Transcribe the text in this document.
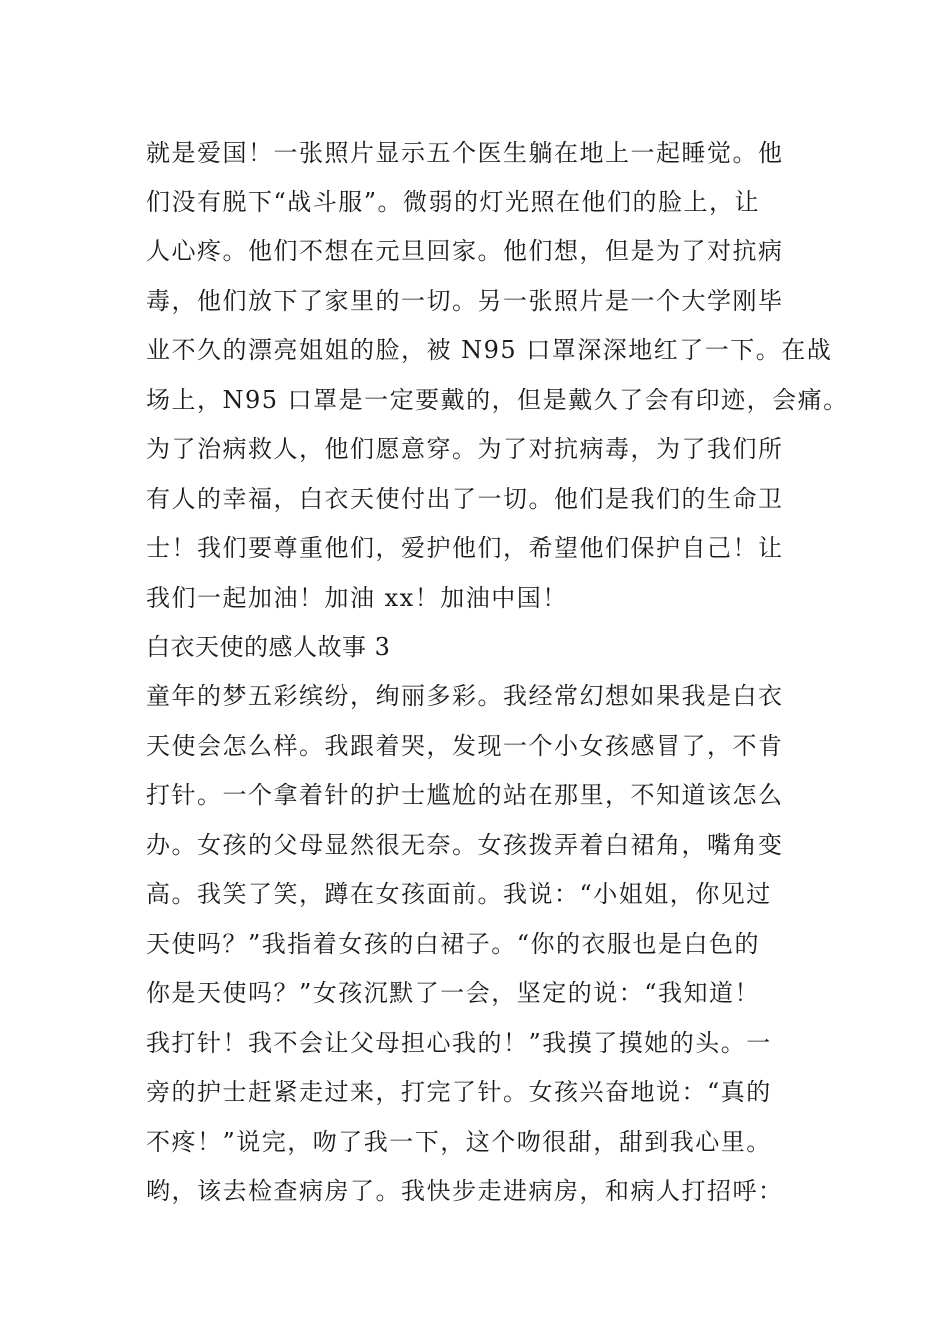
就是爱国！一张照片显示五个医生躺在地上一起睡觉。他
们没有脱下“战斗服”。微弱的灯光照在他们的脸上，让
人心疼。他们不想在元旦回家。他们想，但是为了对抗病
毒，他们放下了家里的一切。另一张照片是一个大学刚毕
业不久的漂亮姐姐的脸，被 N95 口罩深深地红了一下。在战
场上，N95 口罩是一定要戴的，但是戴久了会有印迹，会痛。
为了治病救人，他们愿意穿。为了对抗病毒，为了我们所
有人的幸福，白衣天使付出了一切。他们是我们的生命卫
士！我们要尊重他们，爱护他们，希望他们保护自己！让
我们一起加油！加油 xx！加油中国！
白衣天使的感人故事 3
童年的梦五彩缤纷，绚丽多彩。我经常幻想如果我是白衣
天使会怎么样。我跟着哭，发现一个小女孩感冒了，不肯
打针。一个拿着针的护士尴尬的站在那里，不知道该怎么
办。女孩的父母显然很无奈。女孩拨弄着白裙角，嘴角变
高。我笑了笑，蹲在女孩面前。我说：“小姐姐，你见过
天使吗？”我指着女孩的白裙子。“你的衣服也是白色的
你是天使吗？”女孩沉默了一会，坚定的说：“我知道！
我打针！我不会让父母担心我的！”我摸了摸她的头。一
旁的护士赶紧走过来，打完了针。女孩兴奋地说：“真的
不疼！”说完，吻了我一下，这个吻很甜，甜到我心里。
哟，该去检查病房了。我快步走进病房，和病人打招呼：
